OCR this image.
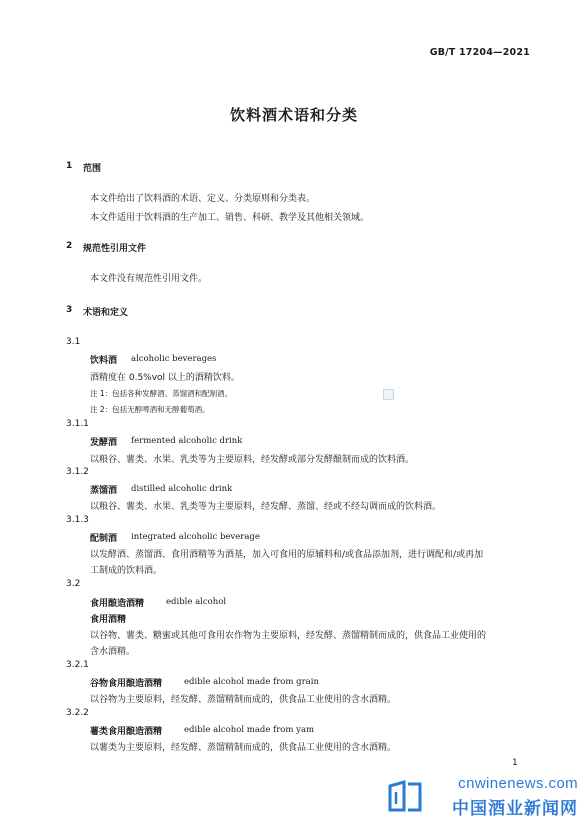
GB/T 17204—2021
饮料酒术语和分类
1 范围
本文件给出了饮料酒的术语、定义、分类原则和分类表。
本文件适用于饮料酒的生产加工、销售、科研、教学及其他相关领域。
2 规范性引用文件
本文件没有规范性引用文件。
3 术语和定义
3.1
饮料酒 alcoholic beverages
酒精度在 0.5%vol 以上的酒精饮料。
注 1：包括各种发酵酒、蒸馏酒和配制酒。
注 2：包括无醇啤酒和无醇葡萄酒。
3.1.1
发酵酒 fermented alcoholic drink
以粮谷、薯类、水果、乳类等为主要原料，经发酵或部分发酵酿制而成的饮料酒。
3.1.2
蒸馏酒 distilled alcoholic drink
以粮谷、薯类、水果、乳类等为主要原料，经发酵、蒸馏、经或不经勾调而成的饮料酒。
3.1.3
配制酒 integrated alcoholic beverage
以发酵酒、蒸馏酒、食用酒精等为酒基，加入可食用的原辅料和/或食品添加剂，进行调配和/或再加
工制成的饮料酒。
3.2
食用酿造酒精	edible alcohol
食用酒精
以谷物、薯类、糖蜜或其他可食用农作物为主要原料，经发酵、蒸馏精制而成的，供食品工业使用的
含水酒精。
3.2.1
谷物食用酿造酒精	edible alcohol made from grain
以谷物为主要原料，经发酵、蒸馏精制而成的，供食品工业使用的含水酒精。
3.2.2
薯类食用酿造酒精	edible alcohol made from yam
以薯类为主要原料，经发酵、蒸馏精制而成的，供食品工业使用的含水酒精。
1
cnwinenews.com
中国酒业新闻网
